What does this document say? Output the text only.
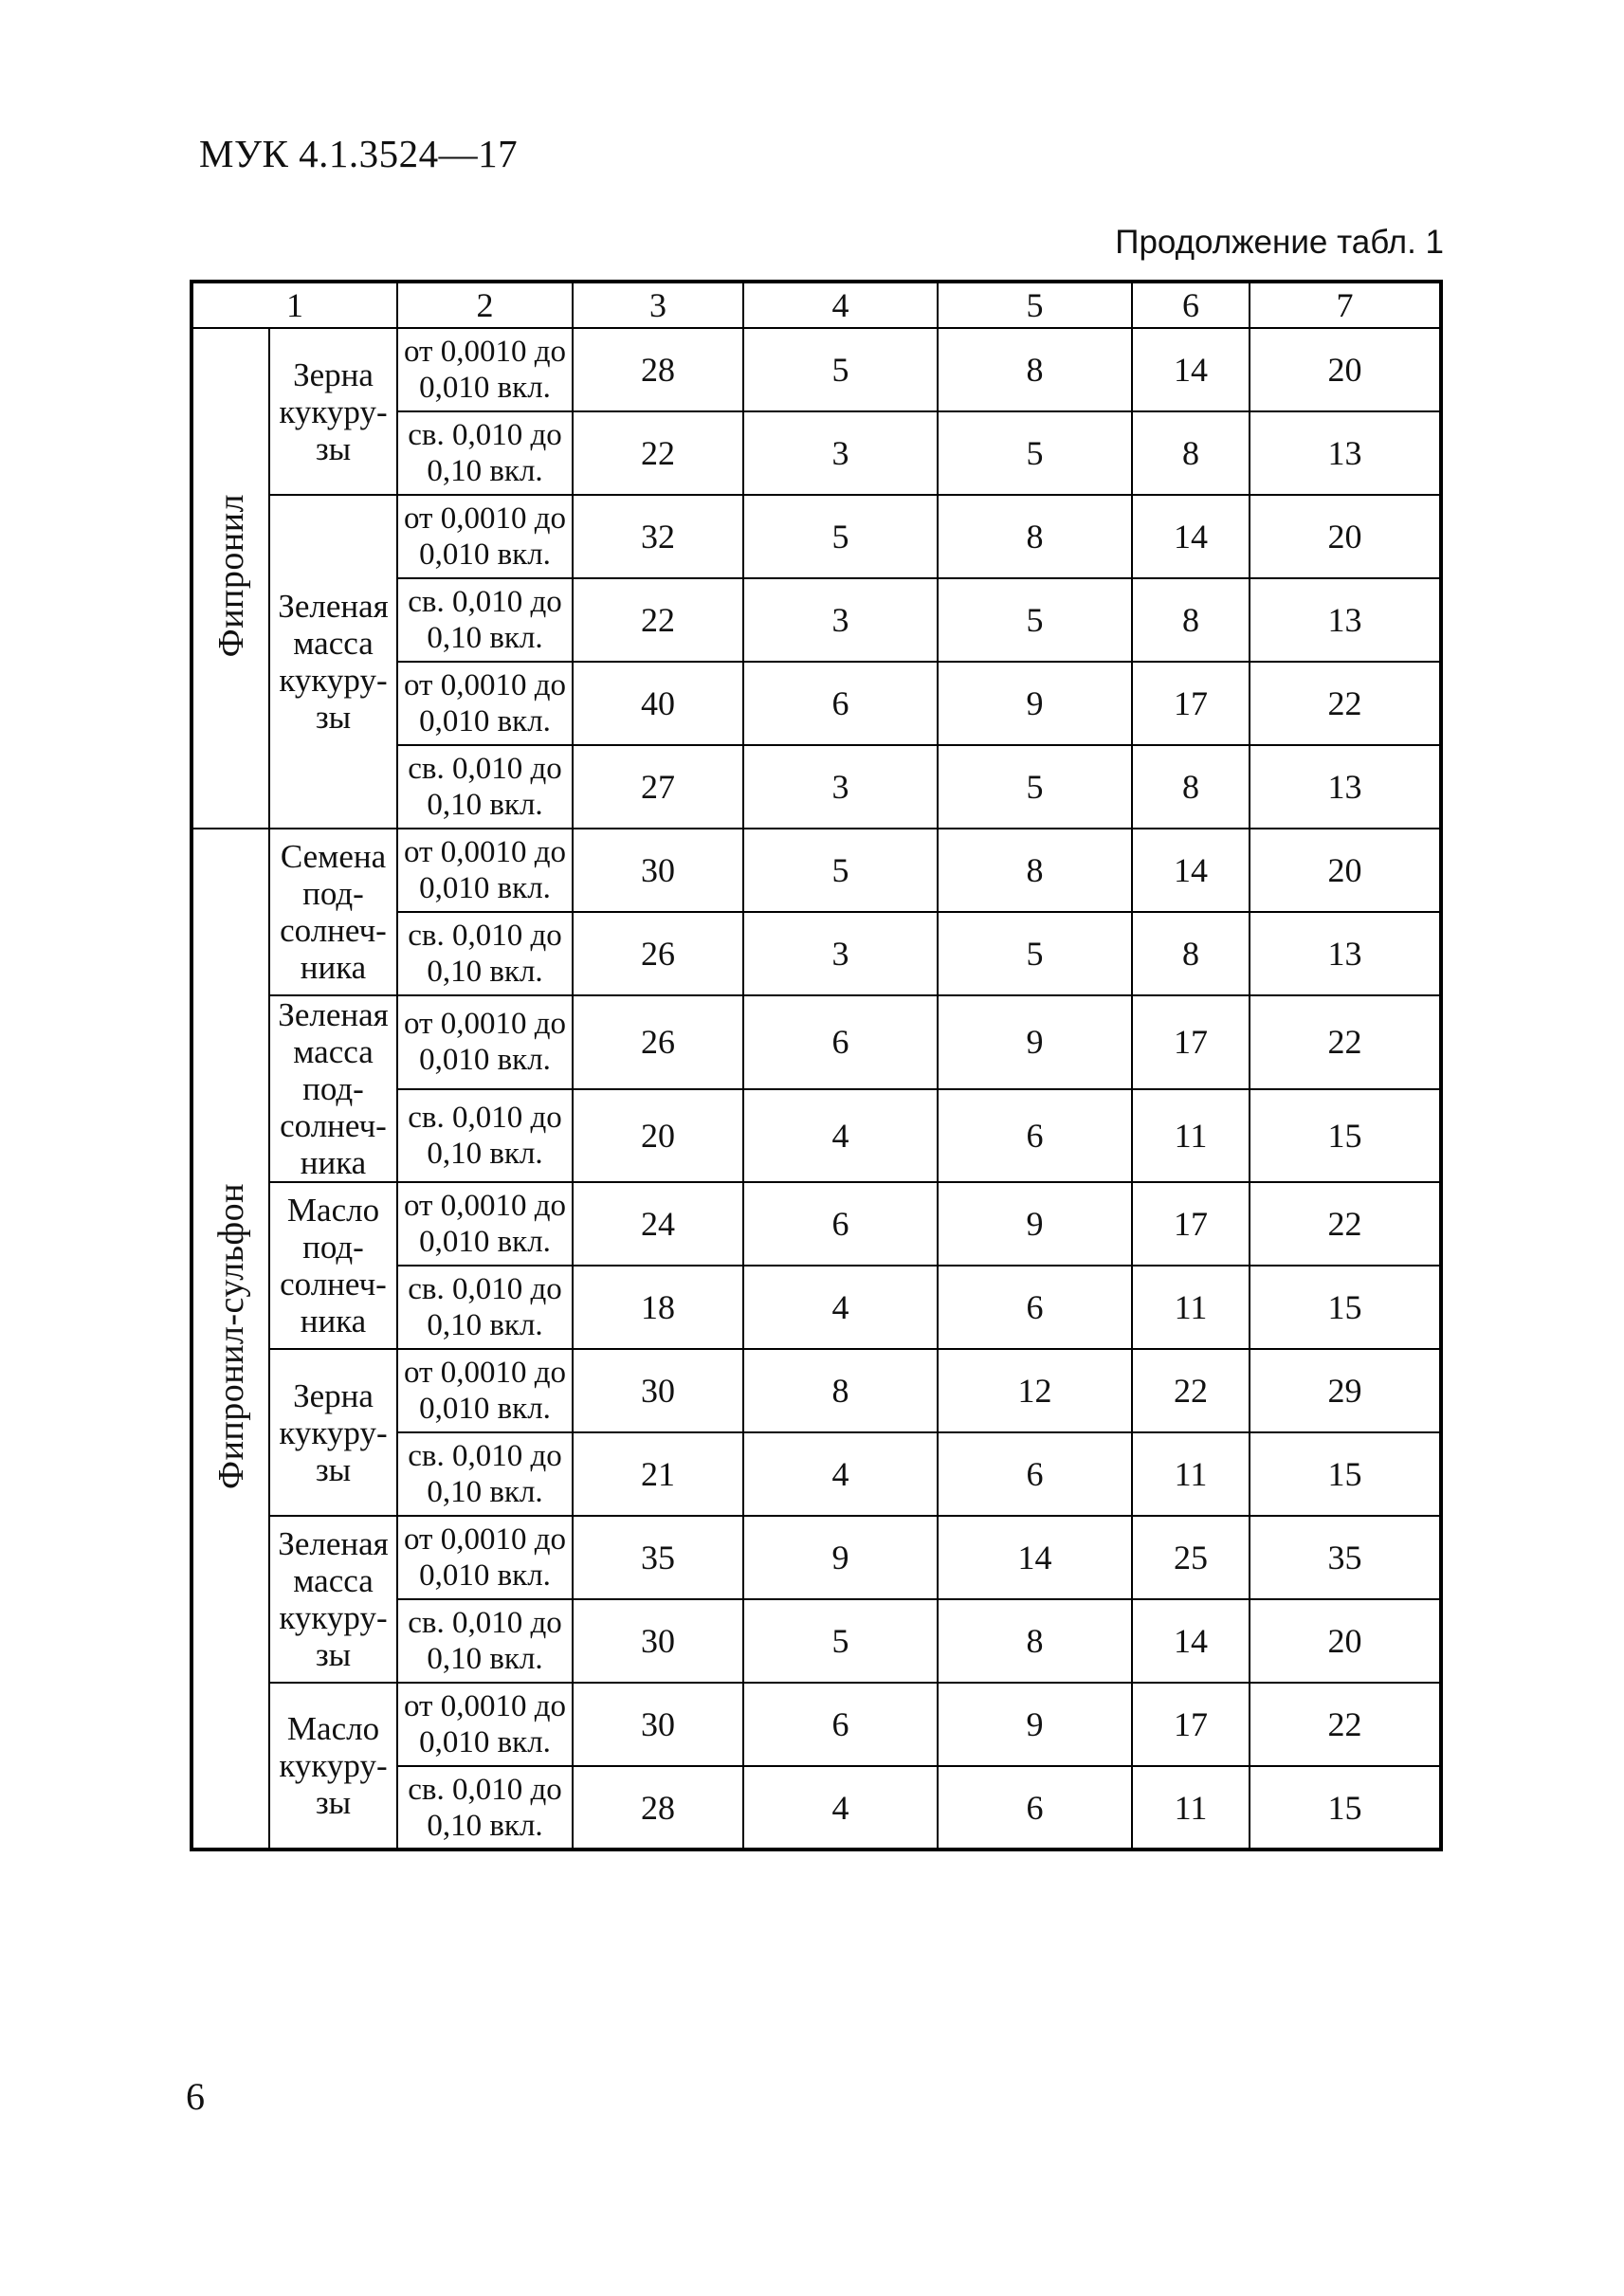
МУК 4.1.3524—17
Продолжение табл. 1
1		2	3	4	5	6	7
Фипронил	Зерна кукуру-зы	от 0,0010 до 0,010 вкл.	28	5	8	14	20
		св. 0,010 до 0,10 вкл.	22	3	5	8	13
	Зеленая масса кукуру-зы	от 0,0010 до 0,010 вкл.	32	5	8	14	20
		св. 0,010 до 0,10 вкл.	22	3	5	8	13
		от 0,0010 до 0,010 вкл.	40	6	9	17	22
		св. 0,010 до 0,10 вкл.	27	3	5	8	13
Фипронил-сульфон	Семена под-солнеч-ника	от 0,0010 до 0,010 вкл.	30	5	8	14	20
		св. 0,010 до 0,10 вкл.	26	3	5	8	13
	Зеленая масса под-солнеч-ника	от 0,0010 до 0,010 вкл.	26	6	9	17	22
		св. 0,010 до 0,10 вкл.	20	4	6	11	15
	Масло под-солнеч-ника	от 0,0010 до 0,010 вкл.	24	6	9	17	22
		св. 0,010 до 0,10 вкл.	18	4	6	11	15
	Зерна кукуру-зы	от 0,0010 до 0,010 вкл.	30	8	12	22	29
		св. 0,010 до 0,10 вкл.	21	4	6	11	15
	Зеленая масса кукуру-зы	от 0,0010 до 0,010 вкл.	35	9	14	25	35
		св. 0,010 до 0,10 вкл.	30	5	8	14	20
	Масло кукуру-зы	от 0,0010 до 0,010 вкл.	30	6	9	17	22
		св. 0,010 до 0,10 вкл.	28	4	6	11	15
6
